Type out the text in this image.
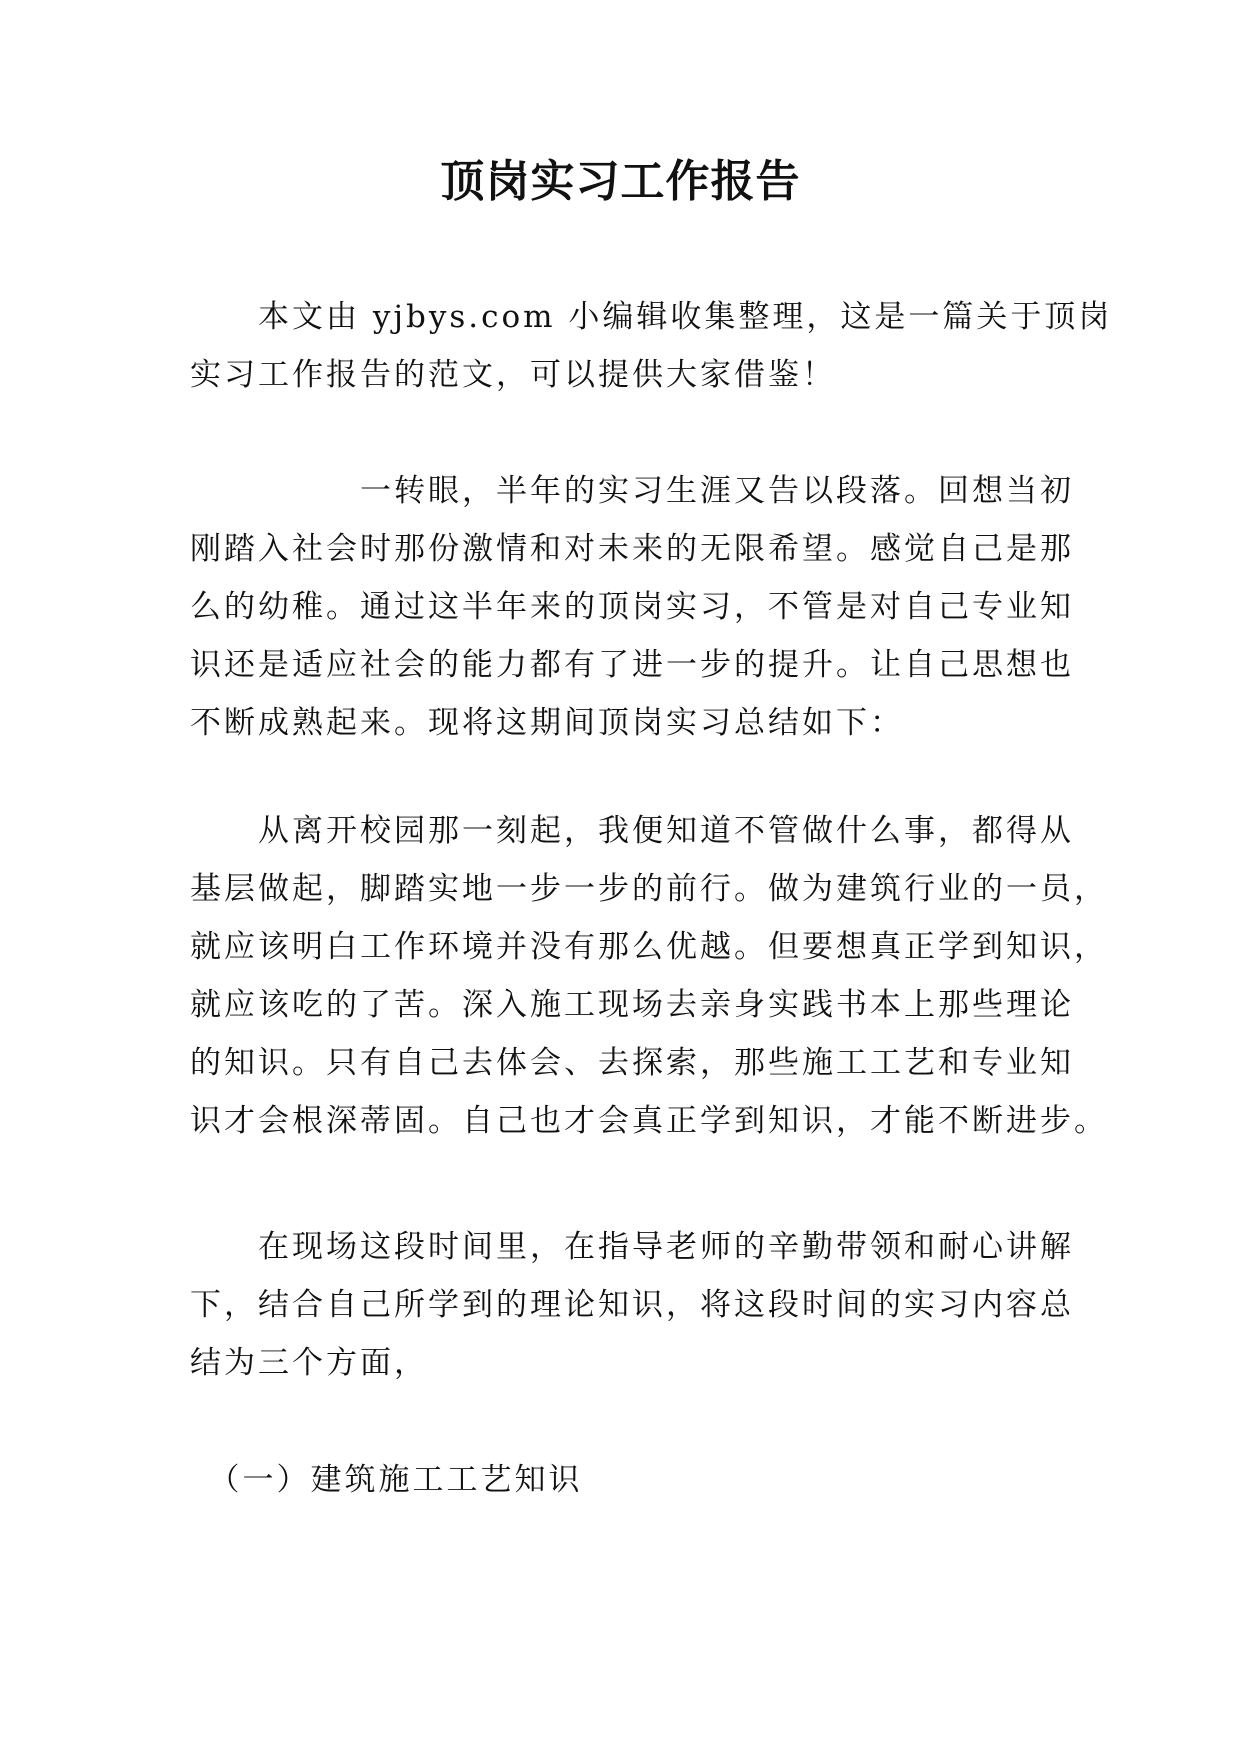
顶岗实习工作报告
　　本文由 yjbys.com 小编辑收集整理，这是一篇关于顶岗
实习工作报告的范文，可以提供大家借鉴！
　　　　　一转眼，半年的实习生涯又告以段落。回想当初
刚踏入社会时那份激情和对未来的无限希望。感觉自己是那
么的幼稚。通过这半年来的顶岗实习，不管是对自己专业知
识还是适应社会的能力都有了进一步的提升。让自己思想也
不断成熟起来。现将这期间顶岗实习总结如下：
　　从离开校园那一刻起，我便知道不管做什么事，都得从
基层做起，脚踏实地一步一步的前行。做为建筑行业的一员，
就应该明白工作环境并没有那么优越。但要想真正学到知识，
就应该吃的了苦。深入施工现场去亲身实践书本上那些理论
的知识。只有自己去体会、去探索，那些施工工艺和专业知
识才会根深蒂固。自己也才会真正学到知识，才能不断进步。
　　在现场这段时间里，在指导老师的辛勤带领和耐心讲解
下，结合自己所学到的理论知识，将这段时间的实习内容总
结为三个方面，
　（一）建筑施工工艺知识
